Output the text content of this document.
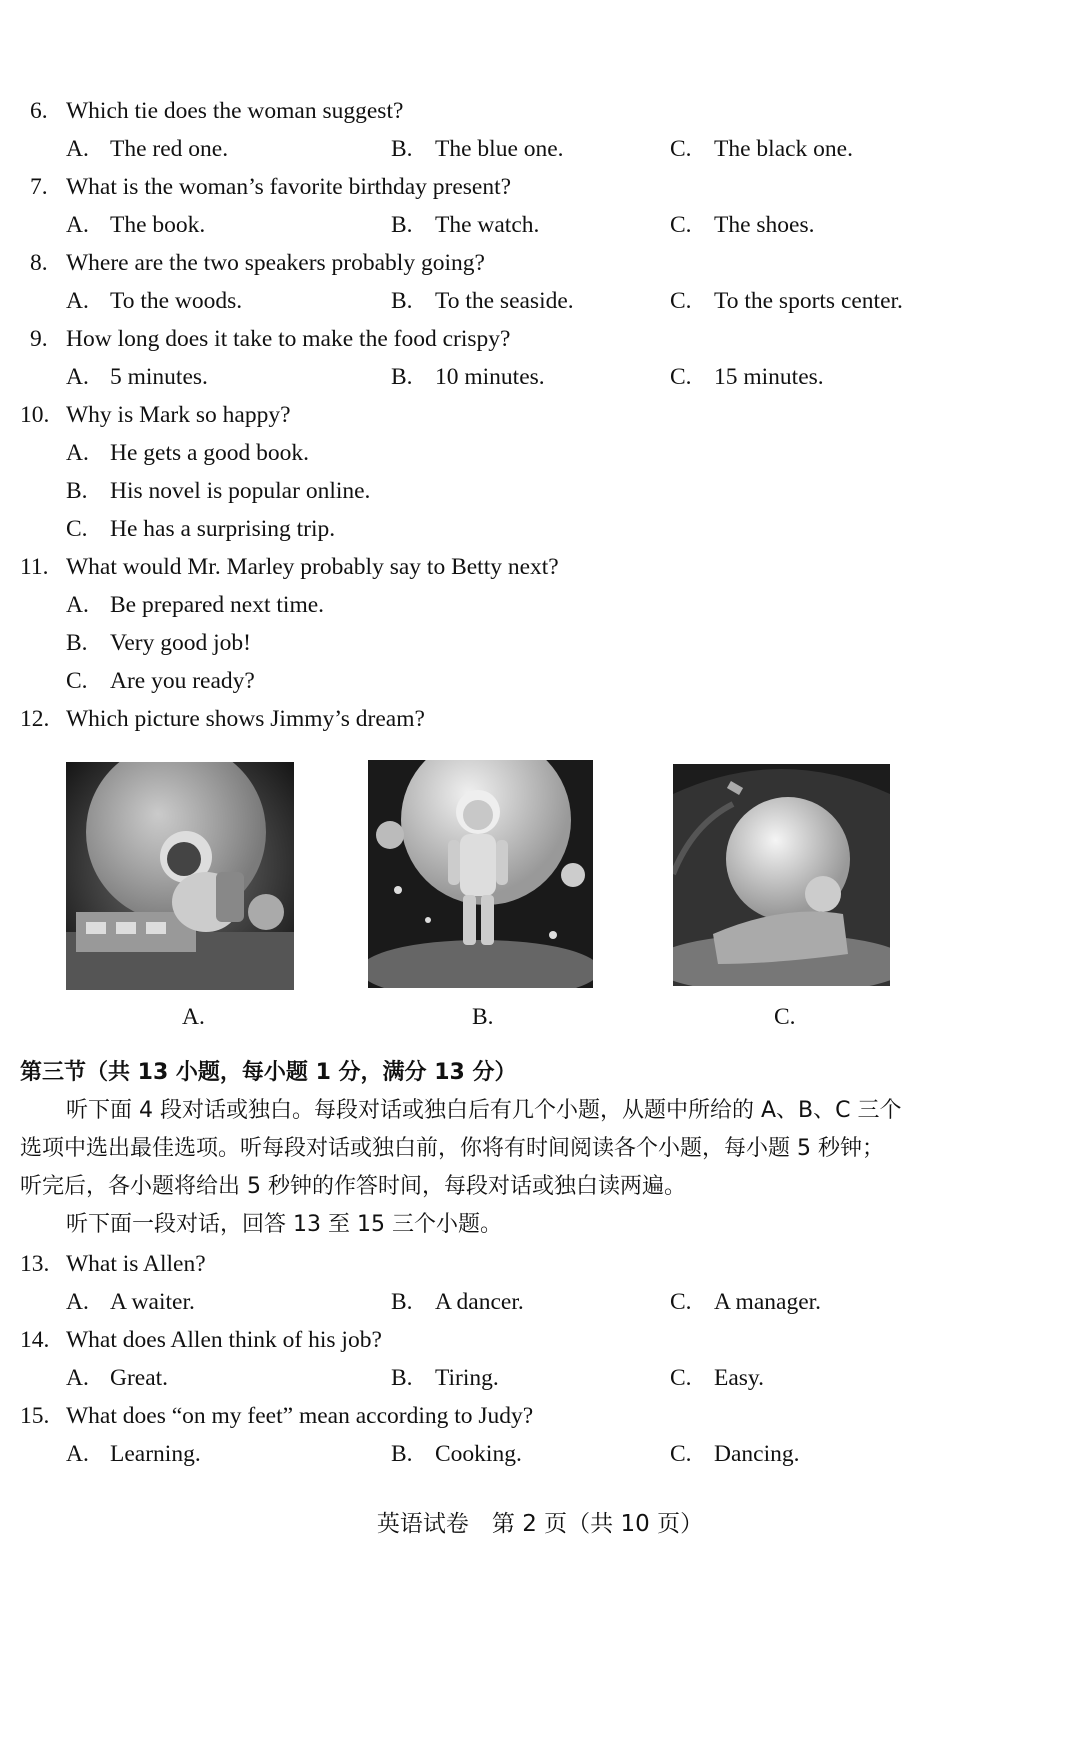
6. Which tie does the woman suggest?
A. The red one.	B. The blue one.	C. The black one.
7. What is the woman’s favorite birthday present?
A. The book.	B. The watch.	C. The shoes.
8. Where are the two speakers probably going?
A. To the woods.	B. To the seaside.	C. To the sports center.
9. How long does it take to make the food crispy?
A. 5 minutes.	B. 10 minutes.	C. 15 minutes.
10. Why is Mark so happy?
A. He gets a good book.
B. His novel is popular online.
C. He has a surprising trip.
11. What would Mr. Marley probably say to Betty next?
A. Be prepared next time.
B. Very good job!
C. Are you ready?
12. Which picture shows Jimmy’s dream?
A.	B.	C.
第三节（共 13 小题，每小题 1 分，满分 13 分）
听下面 4 段对话或独白。每段对话或独白后有几个小题，从题中所给的 A、B、C 三个
选项中选出最佳选项。听每段对话或独白前，你将有时间阅读各个小题，每小题 5 秒钟；
听完后，各小题将给出 5 秒钟的作答时间，每段对话或独白读两遍。
听下面一段对话，回答 13 至 15 三个小题。
13. What is Allen?
A. A waiter.	B. A dancer.	C. A manager.
14. What does Allen think of his job?
A. Great.	B. Tiring.	C. Easy.
15. What does “on my feet” mean according to Judy?
A. Learning.	B. Cooking.	C. Dancing.
英语试卷　第 2 页（共 10 页）
